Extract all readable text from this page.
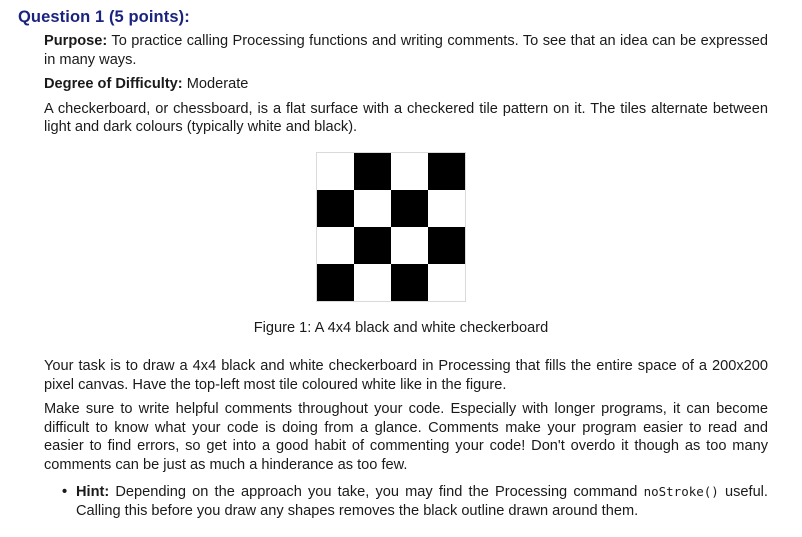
Question 1 (5 points):

Purpose: To practice calling Processing functions and writing comments. To see that an idea can be expressed in many ways.

Degree of Difficulty: Moderate

A checkerboard, or chessboard, is a flat surface with a checkered tile pattern on it. The tiles alternate between light and dark colours (typically white and black).

Figure 1: A 4x4 black and white checkerboard

Your task is to draw a 4x4 black and white checkerboard in Processing that fills the entire space of a 200x200 pixel canvas. Have the top-left most tile coloured white like in the figure.

Make sure to write helpful comments throughout your code. Especially with longer programs, it can become difficult to know what your code is doing from a glance. Comments make your program easier to read and easier to find errors, so get into a good habit of commenting your code! Don't overdo it though as too many comments can be just as much a hinderance as too few.

• Hint: Depending on the approach you take, you may find the Processing command noStroke() useful. Calling this before you draw any shapes removes the black outline drawn around them.
